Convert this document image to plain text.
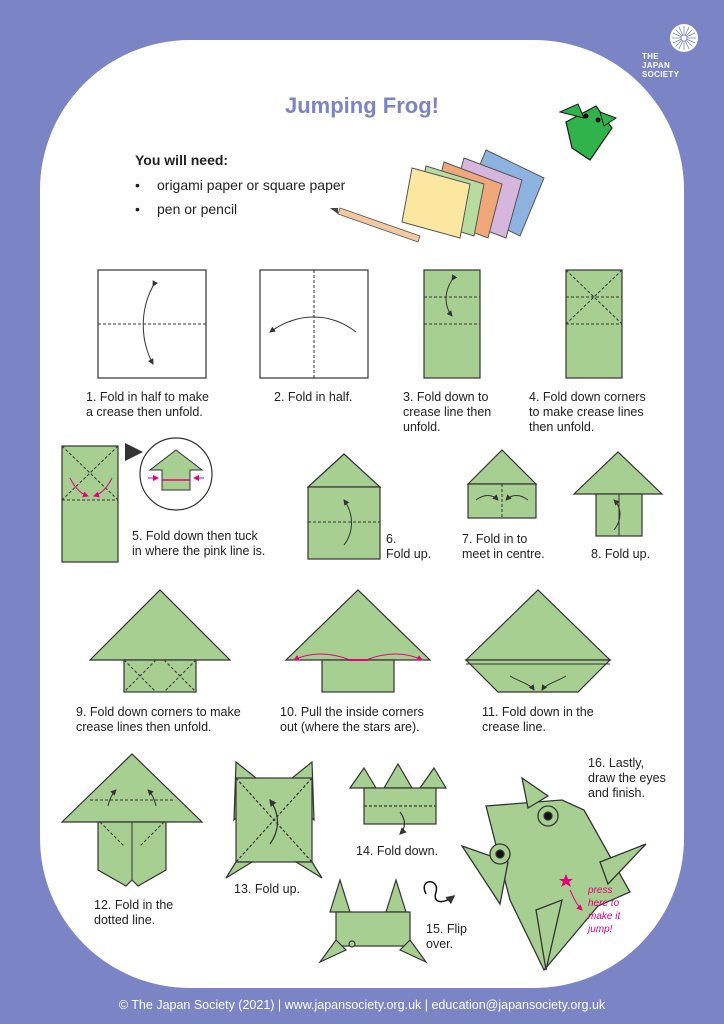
THE
JAPAN
SOCIETY
Jumping Frog!
You will need:
• origami paper or square paper
• pen or pencil
1. Fold in half to make
a crease then unfold.
2. Fold in half.	3. Fold down to
crease line then
unfold.
4. Fold down corners
to make crease lines
then unfold.
5. Fold down then tuck
in where the pink line is.
6.
Fold up.
7. Fold in to
meet in centre.	8. Fold up.
9. Fold down corners to make
crease lines then unfold.
10. Pull the inside corners
out (where the stars are).
11. Fold down in the
crease line.
12. Fold in the
dotted line.
13. Fold up.
14. Fold down.
15. Flip
over.
16. Lastly,
draw the eyes
and finish.
press
here to
make it
jump!
© The Japan Society (2021) | www.japansociety.org.uk | education@japansociety.org.uk
